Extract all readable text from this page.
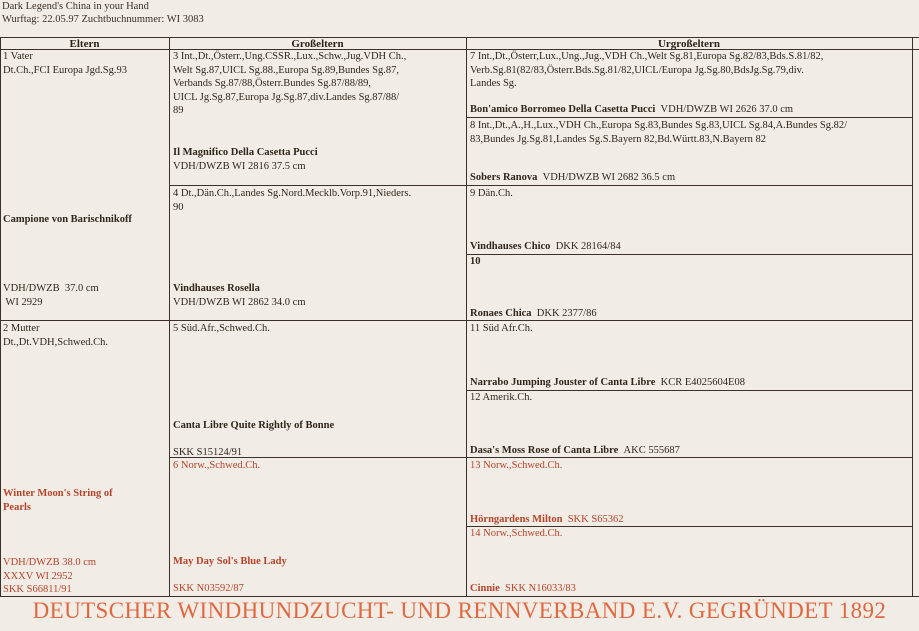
Dark Legend's China in your Hand
Wurftag: 22.05.97 Zuchtbuchnummer: WI 3083
Eltern	Großeltern	Urgroßeltern
1 Vater
Dt.Ch.,FCI Europa Jgd.Sg.93
Campione von Barischnikoff
VDH/DWZB  37.0 cm
WI 2929
2 Mutter
Dt.,Dt.VDH,Schwed.Ch.
Winter Moon's String of
Pearls
VDH/DWZB 38.0 cm
XXXV WI 2952
SKK S66811/91
3 Int.,Dt.,Österr.,Ung.CSSR.,Lux.,Schw.,Jug.VDH Ch.,
Welt Sg.87,UICL Sg.88.,Europa Sg.89,Bundes Sg.87,
Verbands Sg.87/88,Österr.Bundes Sg.87/88/89,
UICL Jg.Sg.87,Europa Jg.Sg.87,div.Landes Sg.87/88/
89
Il Magnifico Della Casetta Pucci
VDH/DWZB WI 2816 37.5 cm
4 Dt.,Dän.Ch.,Landes Sg.Nord.Mecklb.Vorp.91,Nieders.
90
Vindhauses Rosella
VDH/DWZB WI 2862 34.0 cm
5 Süd.Afr.,Schwed.Ch.
Canta Libre Quite Rightly of Bonne
SKK S15124/91
6 Norw.,Schwed.Ch.
May Day Sol's Blue Lady
SKK N03592/87
7 Int.,Dt.,Österr,Lux.,Ung.,Jug.,VDH Ch.,Welt Sg.81,Europa Sg.82/83,Bds.S.81/82,
Verb.Sg.81(82/83,Österr.Bds.Sg.81/82,UICL/Europa Jg.Sg.80,BdsJg.Sg.79,div.
Landes Sg.
Bon'amico Borromeo Della Casetta Pucci VDH/DWZB WI 2626 37.0 cm
8 Int.,Dt.,A.,H.,Lux.,VDH Ch.,Europa Sg.83,Bundes Sg.83,UICL Sg.84,A.Bundes Sg.82/
83,Bundes Jg.Sg.81,Landes Sg.S.Bayern 82,Bd.Württ.83,N.Bayern 82
Sobers Ranova VDH/DWZB WI 2682 36.5 cm
9 Dän.Ch.
Vindhauses Chico DKK 28164/84
10
Ronaes Chica DKK 2377/86
11 Süd Afr.Ch.
Narrabo Jumping Jouster of Canta Libre KCR E4025604E08
12 Amerik.Ch.
Dasa's Moss Rose of Canta Libre AKC 555687
13 Norw.,Schwed.Ch.
Hörngardens Milton SKK S65362
14 Norw.,Schwed.Ch.
Cinnie SKK N16033/83
DEUTSCHER WINDHUNDZUCHT- UND RENNVERBAND E.V. GEGRÜNDET 1892
